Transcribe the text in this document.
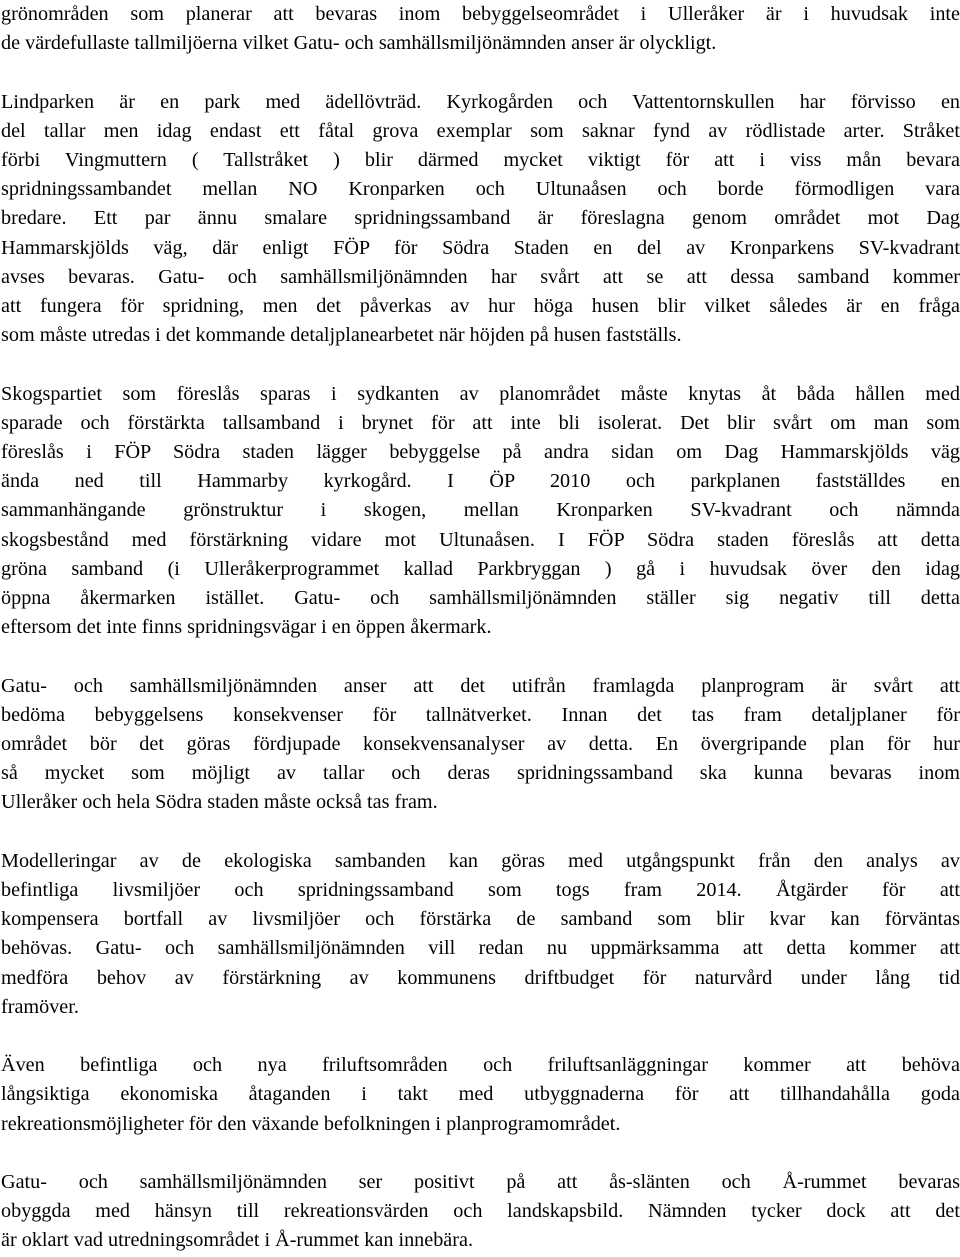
grönområden som planerar att bevaras inom bebyggelseområdet i Ulleråker är i huvudsak inte
de värdefullaste tallmiljöerna vilket Gatu- och samhällsmiljönämnden anser är olyckligt.
Lindparken är en park med ädellövträd. Kyrkogården och Vattentornskullen har förvisso en
del tallar men idag endast ett fåtal grova exemplar som saknar fynd av rödlistade arter. Stråket
förbi Vingmuttern ( Tallstråket ) blir därmed mycket viktigt för att i viss mån bevara
spridningssambandet mellan NO Kronparken och Ultunaåsen och borde förmodligen vara
bredare. Ett par ännu smalare spridningssamband är föreslagna genom området mot Dag
Hammarskjölds väg, där enligt FÖP för Södra Staden en del av Kronparkens SV-kvadrant
avses bevaras. Gatu- och samhällsmiljönämnden har svårt att se att dessa samband kommer
att fungera för spridning, men det påverkas av hur höga husen blir vilket således är en fråga
som måste utredas i det kommande detaljplanearbetet när höjden på husen fastställs.
Skogspartiet som föreslås sparas i sydkanten av planområdet måste knytas åt båda hållen med
sparade och förstärkta tallsamband i brynet för att inte bli isolerat. Det blir svårt om man som
föreslås i FÖP Södra staden lägger bebyggelse på andra sidan om Dag Hammarskjölds väg
ända ned till Hammarby kyrkogård. I ÖP 2010 och parkplanen fastställdes en
sammanhängande grönstruktur i skogen, mellan Kronparken SV-kvadrant och nämnda
skogsbestånd med förstärkning vidare mot Ultunaåsen. I FÖP Södra staden föreslås att detta
gröna samband (i Ulleråkerprogrammet kallad Parkbryggan ) gå i huvudsak över den idag
öppna åkermarken istället. Gatu- och samhällsmiljönämnden ställer sig negativ till detta
eftersom det inte finns spridningsvägar i en öppen åkermark.
Gatu- och samhällsmiljönämnden anser att det utifrån framlagda planprogram är svårt att
bedöma bebyggelsens konsekvenser för tallnätverket. Innan det tas fram detaljplaner för
området bör det göras fördjupade konsekvensanalyser av detta. En övergripande plan för hur
så mycket som möjligt av tallar och deras spridningssamband ska kunna bevaras inom
Ulleråker och hela Södra staden måste också tas fram.
Modelleringar av de ekologiska sambanden kan göras med utgångspunkt från den analys av
befintliga livsmiljöer och spridningssamband som togs fram 2014. Åtgärder för att
kompensera bortfall av livsmiljöer och förstärka de samband som blir kvar kan förväntas
behövas. Gatu- och samhällsmiljönämnden vill redan nu uppmärksamma att detta kommer att
medföra behov av förstärkning av kommunens driftbudget för naturvård under lång tid
framöver.
Även befintliga och nya friluftsområden och friluftsanläggningar kommer att behöva
långsiktiga ekonomiska åtaganden i takt med utbyggnaderna för att tillhandahålla goda
rekreationsmöjligheter för den växande befolkningen i planprogramområdet.
Gatu- och samhällsmiljönämnden ser positivt på att ås-slänten och Å-rummet bevaras
obyggda med hänsyn till rekreationsvärden och landskapsbild. Nämnden tycker dock att det
är oklart vad utredningsområdet i Å-rummet kan innebära.
